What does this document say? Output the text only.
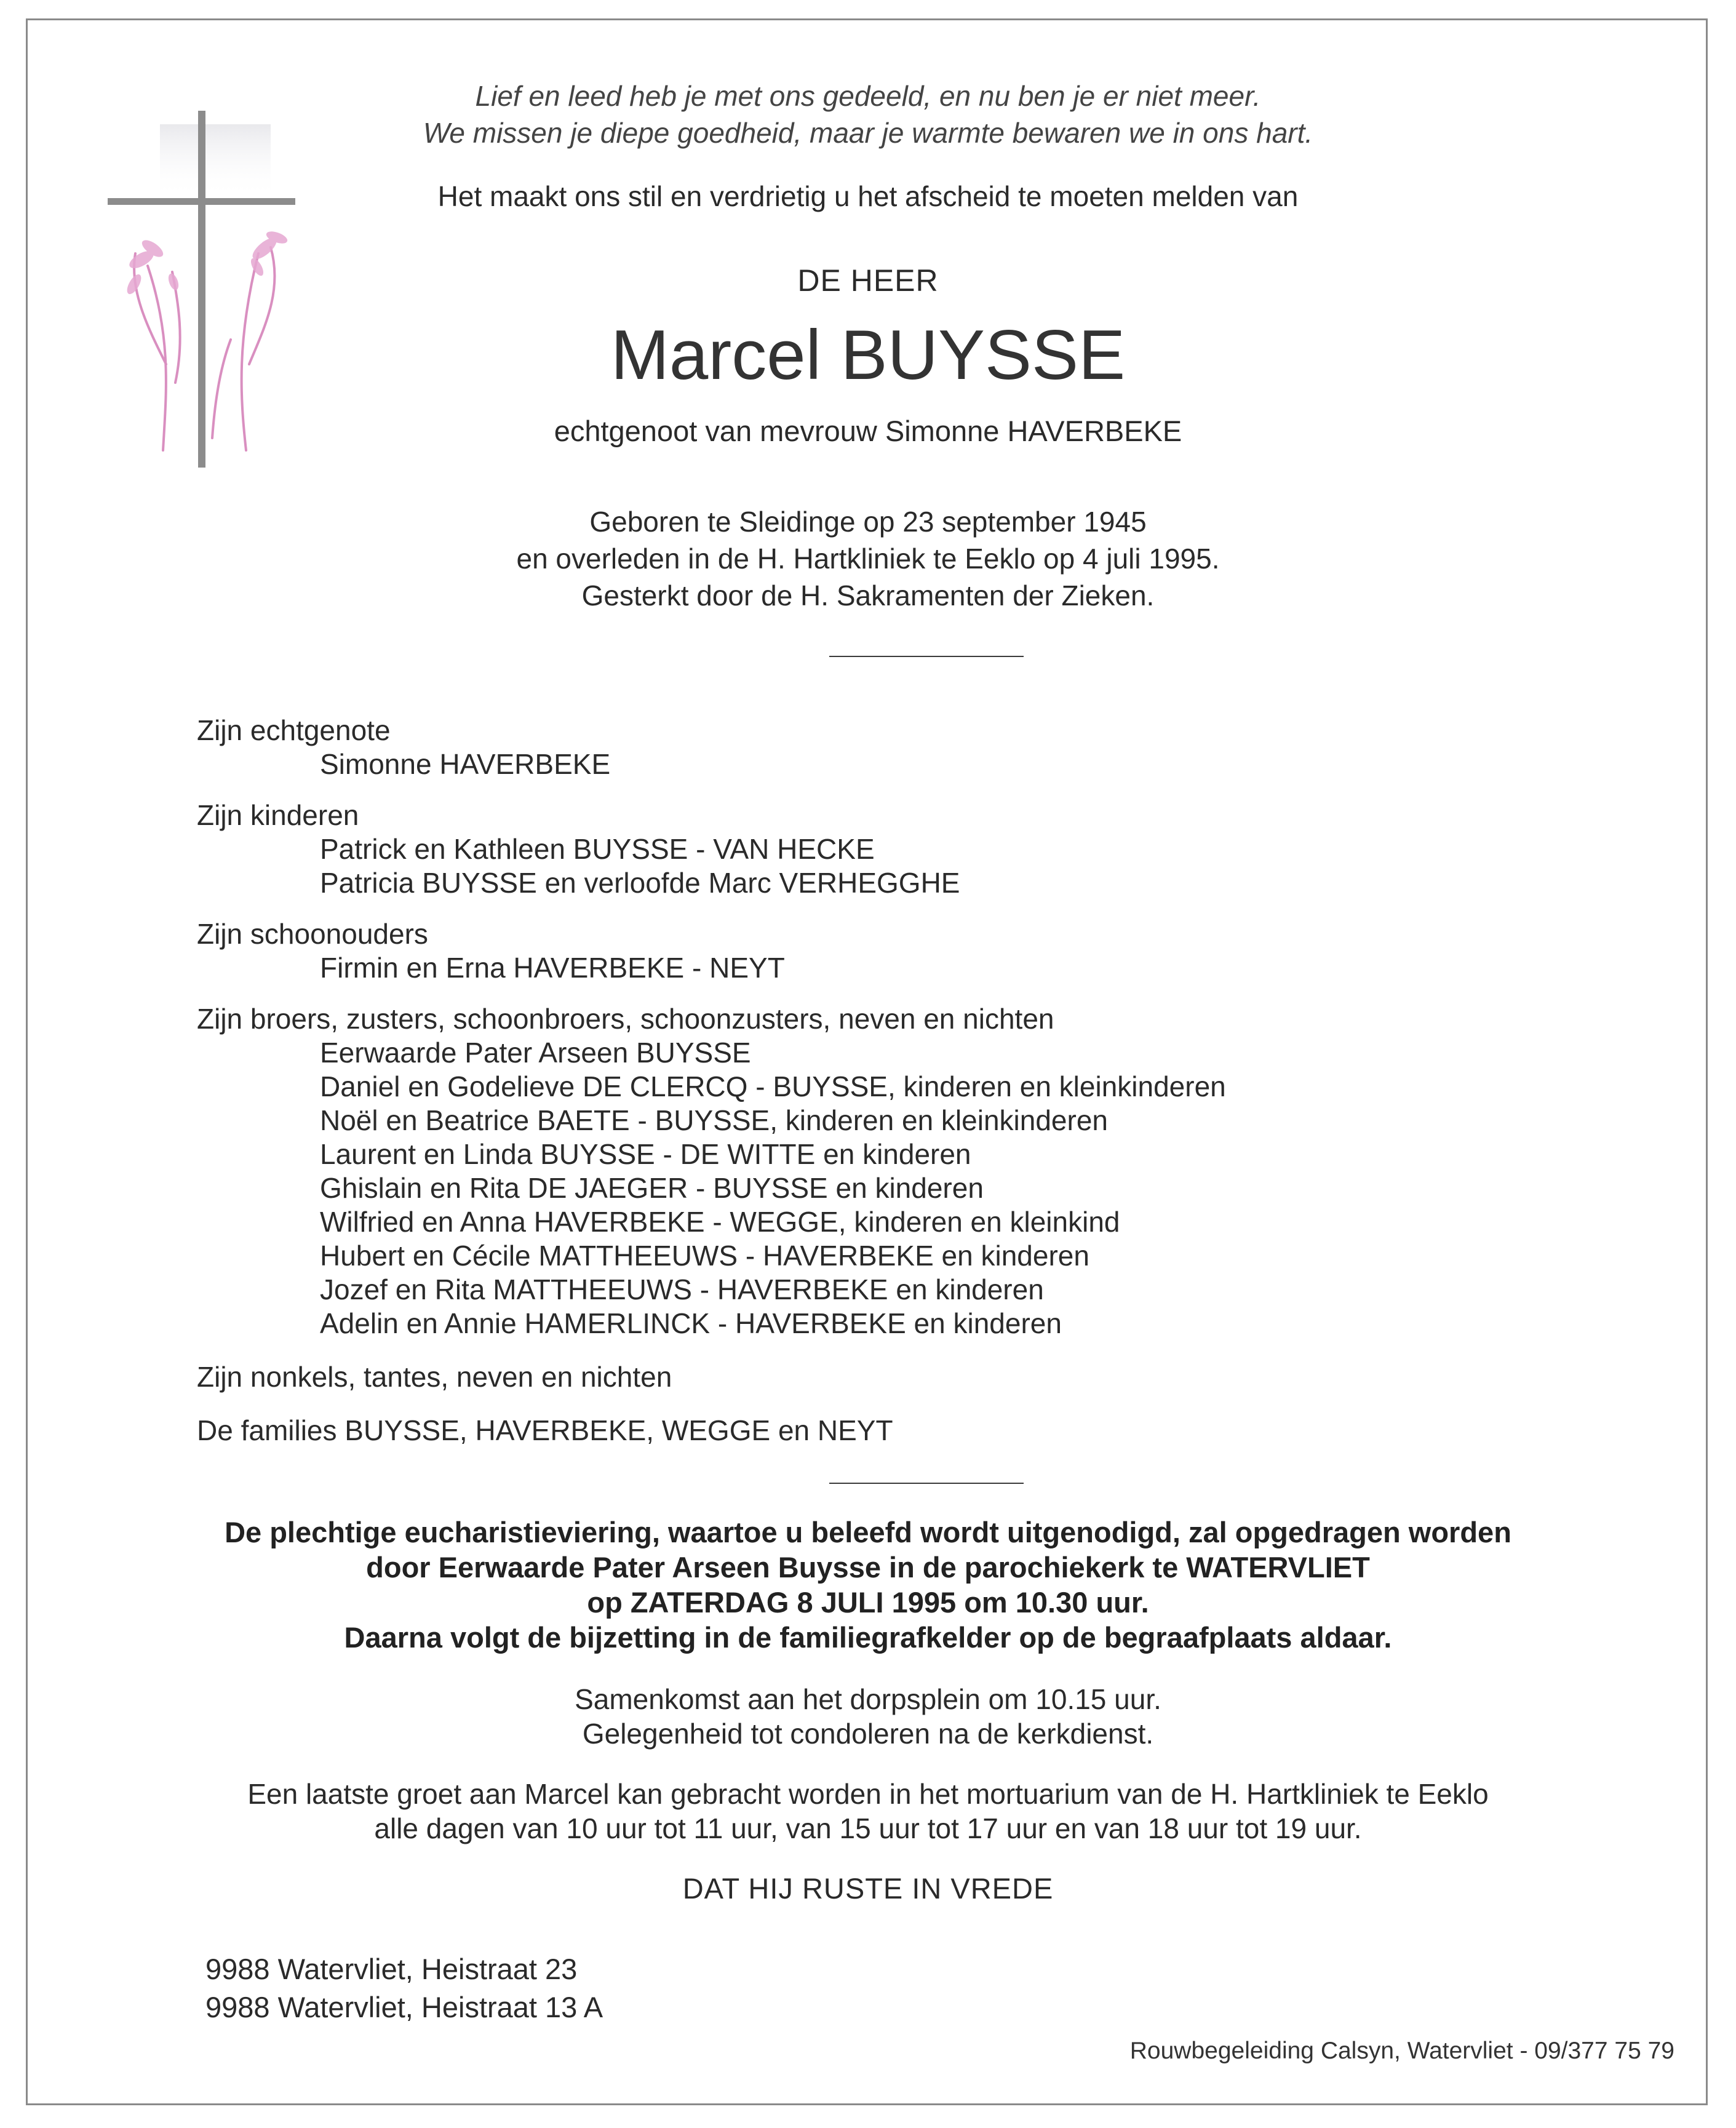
Lief en leed heb je met ons gedeeld, en nu ben je er niet meer.
We missen je diepe goedheid, maar je warmte bewaren we in ons hart.
Het maakt ons stil en verdrietig u het afscheid te moeten melden van
DE HEER
Marcel BUYSSE
echtgenoot van mevrouw Simonne HAVERBEKE
Geboren te Sleidinge op 23 september 1945
en overleden in de H. Hartkliniek te Eeklo op 4 juli 1995.
Gesterkt door de H. Sakramenten der Zieken.
Zijn echtgenote
Simonne HAVERBEKE
Zijn kinderen
Patrick en Kathleen BUYSSE - VAN HECKE
Patricia BUYSSE en verloofde Marc VERHEGGHE
Zijn schoonouders
Firmin en Erna HAVERBEKE - NEYT
Zijn broers, zusters, schoonbroers, schoonzusters, neven en nichten
Eerwaarde Pater Arseen BUYSSE
Daniel en Godelieve DE CLERCQ - BUYSSE, kinderen en kleinkinderen
Noël en Beatrice BAETE - BUYSSE, kinderen en kleinkinderen
Laurent en Linda BUYSSE - DE WITTE en kinderen
Ghislain en Rita DE JAEGER - BUYSSE en kinderen
Wilfried en Anna HAVERBEKE - WEGGE, kinderen en kleinkind
Hubert en Cécile MATTHEEUWS - HAVERBEKE en kinderen
Jozef en Rita MATTHEEUWS - HAVERBEKE en kinderen
Adelin en Annie HAMERLINCK - HAVERBEKE en kinderen
Zijn nonkels, tantes, neven en nichten
De families BUYSSE, HAVERBEKE, WEGGE en NEYT
De plechtige eucharistieviering, waartoe u beleefd wordt uitgenodigd, zal opgedragen worden
door Eerwaarde Pater Arseen Buysse in de parochiekerk te WATERVLIET
op ZATERDAG 8 JULI 1995 om 10.30 uur.
Daarna volgt de bijzetting in de familiegrafkelder op de begraafplaats aldaar.
Samenkomst aan het dorpsplein om 10.15 uur.
Gelegenheid tot condoleren na de kerkdienst.
Een laatste groet aan Marcel kan gebracht worden in het mortuarium van de H. Hartkliniek te Eeklo
alle dagen van 10 uur tot 11 uur, van 15 uur tot 17 uur en van 18 uur tot 19 uur.
DAT HIJ RUSTE IN VREDE
9988 Watervliet, Heistraat 23
9988 Watervliet, Heistraat 13 A
Rouwbegeleiding Calsyn, Watervliet - 09/377 75 79
